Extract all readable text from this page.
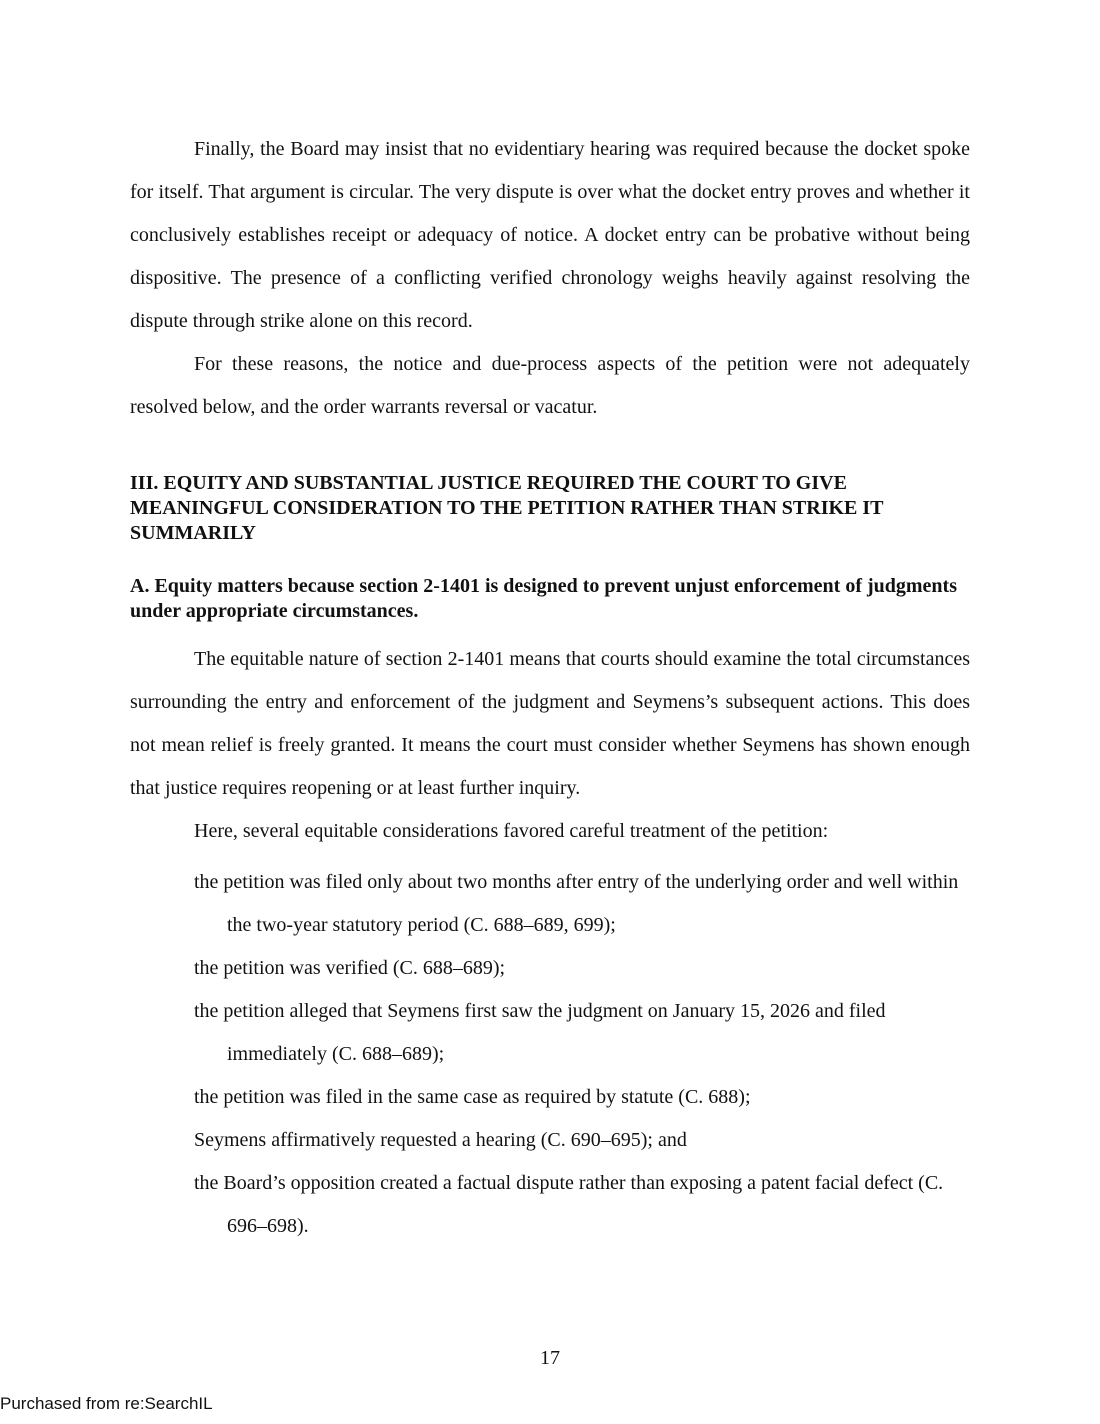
Finally, the Board may insist that no evidentiary hearing was required because the docket spoke for itself. That argument is circular. The very dispute is over what the docket entry proves and whether it conclusively establishes receipt or adequacy of notice. A docket entry can be probative without being dispositive. The presence of a conflicting verified chronology weighs heavily against resolving the dispute through strike alone on this record.

For these reasons, the notice and due-process aspects of the petition were not adequately resolved below, and the order warrants reversal or vacatur.

III. EQUITY AND SUBSTANTIAL JUSTICE REQUIRED THE COURT TO GIVE MEANINGFUL CONSIDERATION TO THE PETITION RATHER THAN STRIKE IT SUMMARILY
A. Equity matters because section 2-1401 is designed to prevent unjust enforcement of judgments under appropriate circumstances.

The equitable nature of section 2-1401 means that courts should examine the total circumstances surrounding the entry and enforcement of the judgment and Seymens’s subsequent actions. This does not mean relief is freely granted. It means the court must consider whether Seymens has shown enough that justice requires reopening or at least further inquiry.

Here, several equitable considerations favored careful treatment of the petition:

the petition was filed only about two months after entry of the underlying order and well within the two-year statutory period (C. 688–689, 699);
the petition was verified (C. 688–689);
the petition alleged that Seymens first saw the judgment on January 15, 2026 and filed immediately (C. 688–689);
the petition was filed in the same case as required by statute (C. 688);
Seymens affirmatively requested a hearing (C. 690–695); and
the Board’s opposition created a factual dispute rather than exposing a patent facial defect (C. 696–698).
17
Purchased from re:SearchIL
